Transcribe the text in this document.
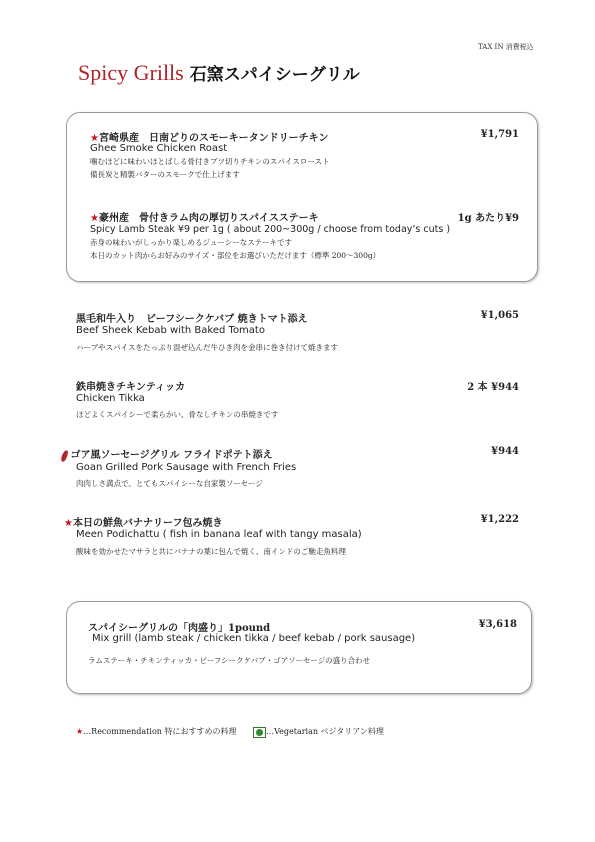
TAX IN 消費税込
Spicy Grills 石窯スパイシーグリル
★宮崎県産　日南どりのスモーキータンドリーチキン	¥1,791
Ghee Smoke Chicken Roast
噛むほどに味わいほとばしる骨付きブツ切りチキンのスパイスロースト
備長炭と精製バターのスモークで仕上げます
★豪州産　骨付きラム肉の厚切りスパイスステーキ	1g あたり¥9
Spicy Lamb Steak ¥9 per 1g ( about 200~300g / choose from today’s cuts )
赤身の味わいがしっかり楽しめるジューシーなステーキです
本日のカット肉からお好みのサイズ・部位をお選びいただけます（標準 200～300g）
黒毛和牛入り　ビーフシークケバブ 焼きトマト添え	¥1,065
Beef Sheek Kebab with Baked Tomato
ハーブやスパイスをたっぷり混ぜ込んだ牛ひき肉を金串に巻き付けて焼きます
鉄串焼きチキンティッカ	2 本 ¥944
Chicken Tikka
ほどよくスパイシーで柔らかい、骨なしチキンの串焼きです
ゴア風ソーセージグリル フライドポテト添え	¥944
Goan Grilled Pork Sausage with French Fries
肉肉しさ満点で、とてもスパイシーな自家製ソーセージ
★本日の鮮魚バナナリーフ包み焼き	¥1,222
Meen Podichattu ( fish in banana leaf with tangy masala)
酸味を効かせたマサラと共にバナナの葉に包んで焼く、南インドのご馳走魚料理
スパイシーグリルの「肉盛り」1pound	¥3,618
Mix grill (lamb steak / chicken tikka / beef kebab / pork sausage)
ラムステーキ・チキンティッカ・ビーフシークケバブ・ゴアソーセージの盛り合わせ
★…Recommendation 特におすすめの料理	…Vegetarian ベジタリアン料理
